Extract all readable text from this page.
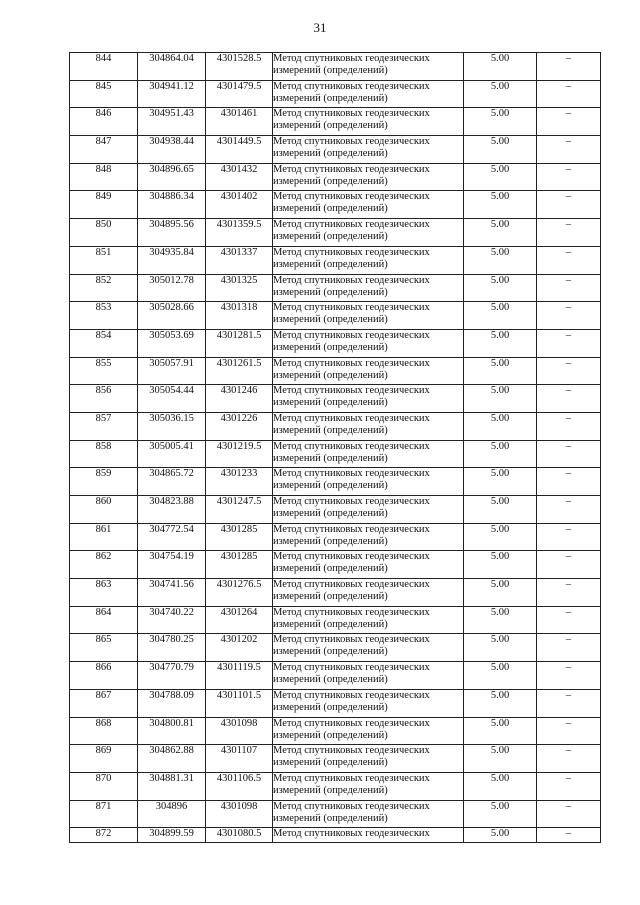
31
844	304864.04	4301528.5	Метод спутниковых геодезических измерений (определений)	5.00	–
845	304941.12	4301479.5	Метод спутниковых геодезических измерений (определений)	5.00	–
846	304951.43	4301461	Метод спутниковых геодезических измерений (определений)	5.00	–
847	304938.44	4301449.5	Метод спутниковых геодезических измерений (определений)	5.00	–
848	304896.65	4301432	Метод спутниковых геодезических измерений (определений)	5.00	–
849	304886.34	4301402	Метод спутниковых геодезических измерений (определений)	5.00	–
850	304895.56	4301359.5	Метод спутниковых геодезических измерений (определений)	5.00	–
851	304935.84	4301337	Метод спутниковых геодезических измерений (определений)	5.00	–
852	305012.78	4301325	Метод спутниковых геодезических измерений (определений)	5.00	–
853	305028.66	4301318	Метод спутниковых геодезических измерений (определений)	5.00	–
854	305053.69	4301281.5	Метод спутниковых геодезических измерений (определений)	5.00	–
855	305057.91	4301261.5	Метод спутниковых геодезических измерений (определений)	5.00	–
856	305054.44	4301246	Метод спутниковых геодезических измерений (определений)	5.00	–
857	305036.15	4301226	Метод спутниковых геодезических измерений (определений)	5.00	–
858	305005.41	4301219.5	Метод спутниковых геодезических измерений (определений)	5.00	–
859	304865.72	4301233	Метод спутниковых геодезических измерений (определений)	5.00	–
860	304823.88	4301247.5	Метод спутниковых геодезических измерений (определений)	5.00	–
861	304772.54	4301285	Метод спутниковых геодезических измерений (определений)	5.00	–
862	304754.19	4301285	Метод спутниковых геодезических измерений (определений)	5.00	–
863	304741.56	4301276.5	Метод спутниковых геодезических измерений (определений)	5.00	–
864	304740.22	4301264	Метод спутниковых геодезических измерений (определений)	5.00	–
865	304780.25	4301202	Метод спутниковых геодезических измерений (определений)	5.00	–
866	304770.79	4301119.5	Метод спутниковых геодезических измерений (определений)	5.00	–
867	304788.09	4301101.5	Метод спутниковых геодезических измерений (определений)	5.00	–
868	304800.81	4301098	Метод спутниковых геодезических измерений (определений)	5.00	–
869	304862.88	4301107	Метод спутниковых геодезических измерений (определений)	5.00	–
870	304881.31	4301106.5	Метод спутниковых геодезических измерений (определений)	5.00	–
871	304896	4301098	Метод спутниковых геодезических измерений (определений)	5.00	–
872	304899.59	4301080.5	Метод спутниковых геодезических	5.00	–
